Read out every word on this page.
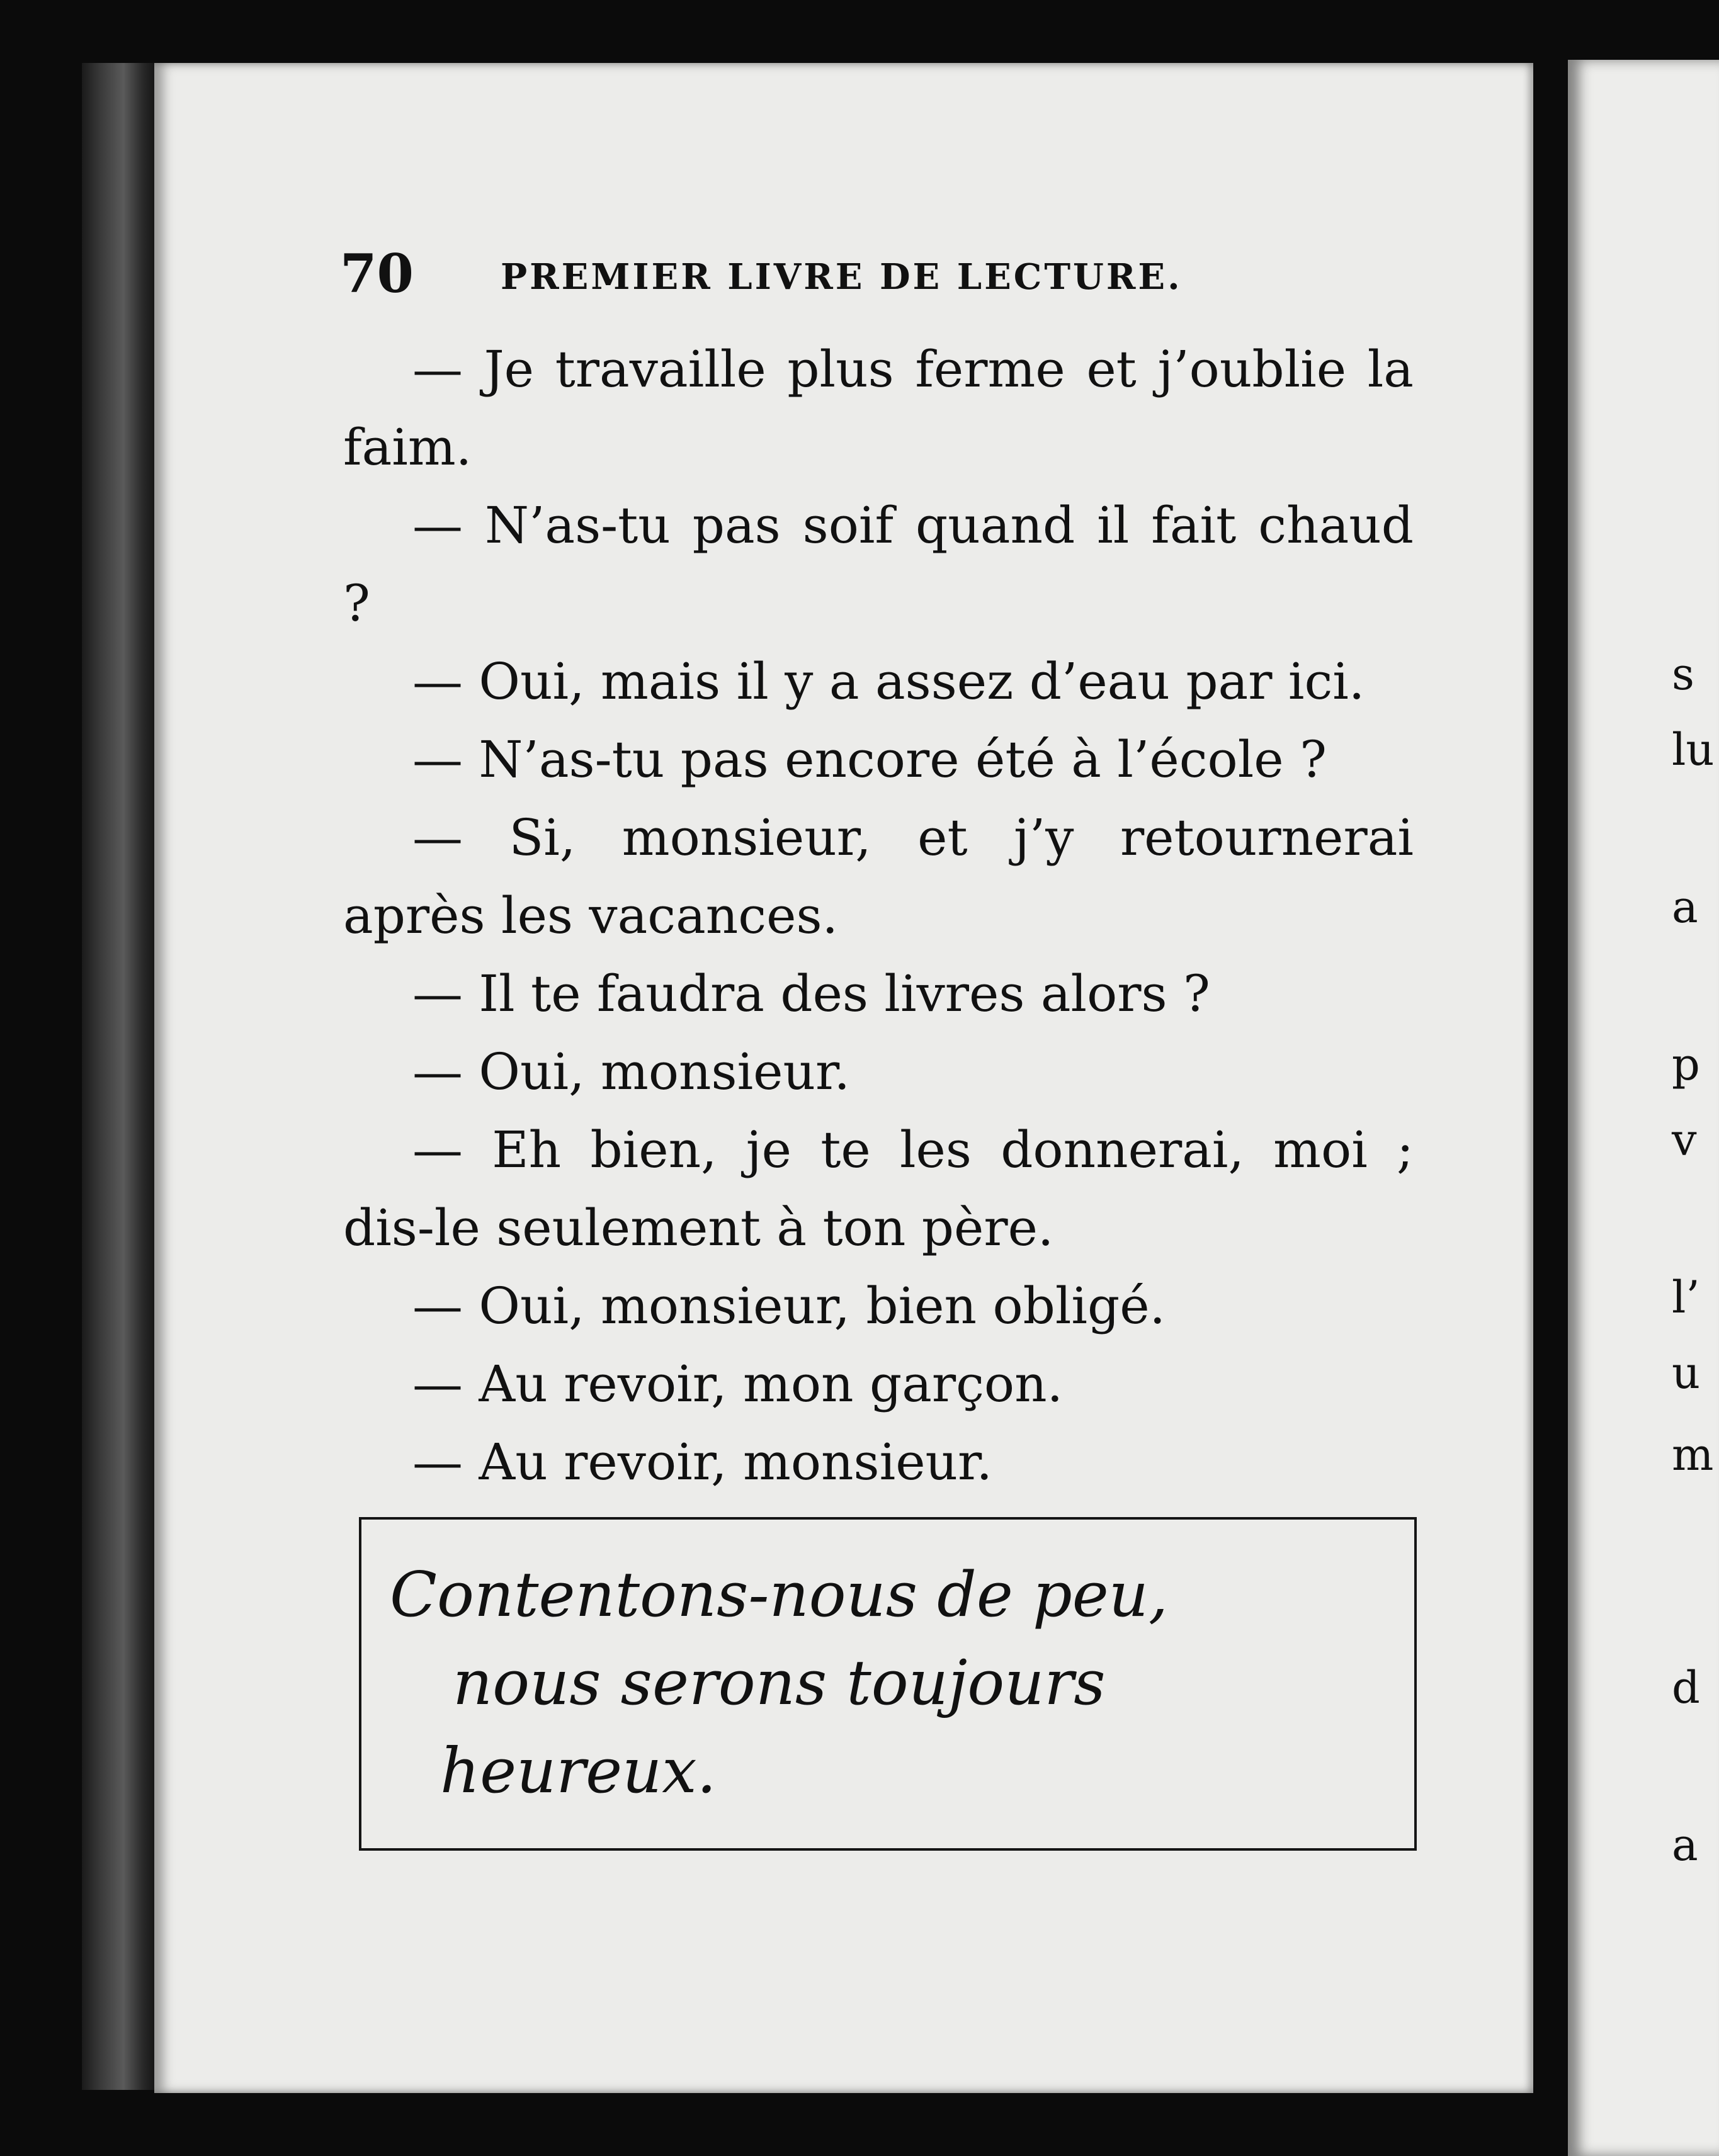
70 PREMIER LIVRE DE LECTURE.

— Je travaille plus ferme et j’oublie la faim.

— N’as-tu pas soif quand il fait chaud ?

— Oui, mais il y a assez d’eau par ici.

— N’as-tu pas encore été à l’école ?

— Si, monsieur, et j’y retournerai après les vacances.

— Il te faudra des livres alors ?

— Oui, monsieur.

— Eh bien, je te les donnerai, moi ; dis-le seulement à ton père.

— Oui, monsieur, bien obligé.

— Au revoir, mon garçon.

— Au revoir, monsieur.

Contentons-nous de peu,
nous serons toujours
heureux.
s
lu
a
p
v
l’
u
m
d
a
